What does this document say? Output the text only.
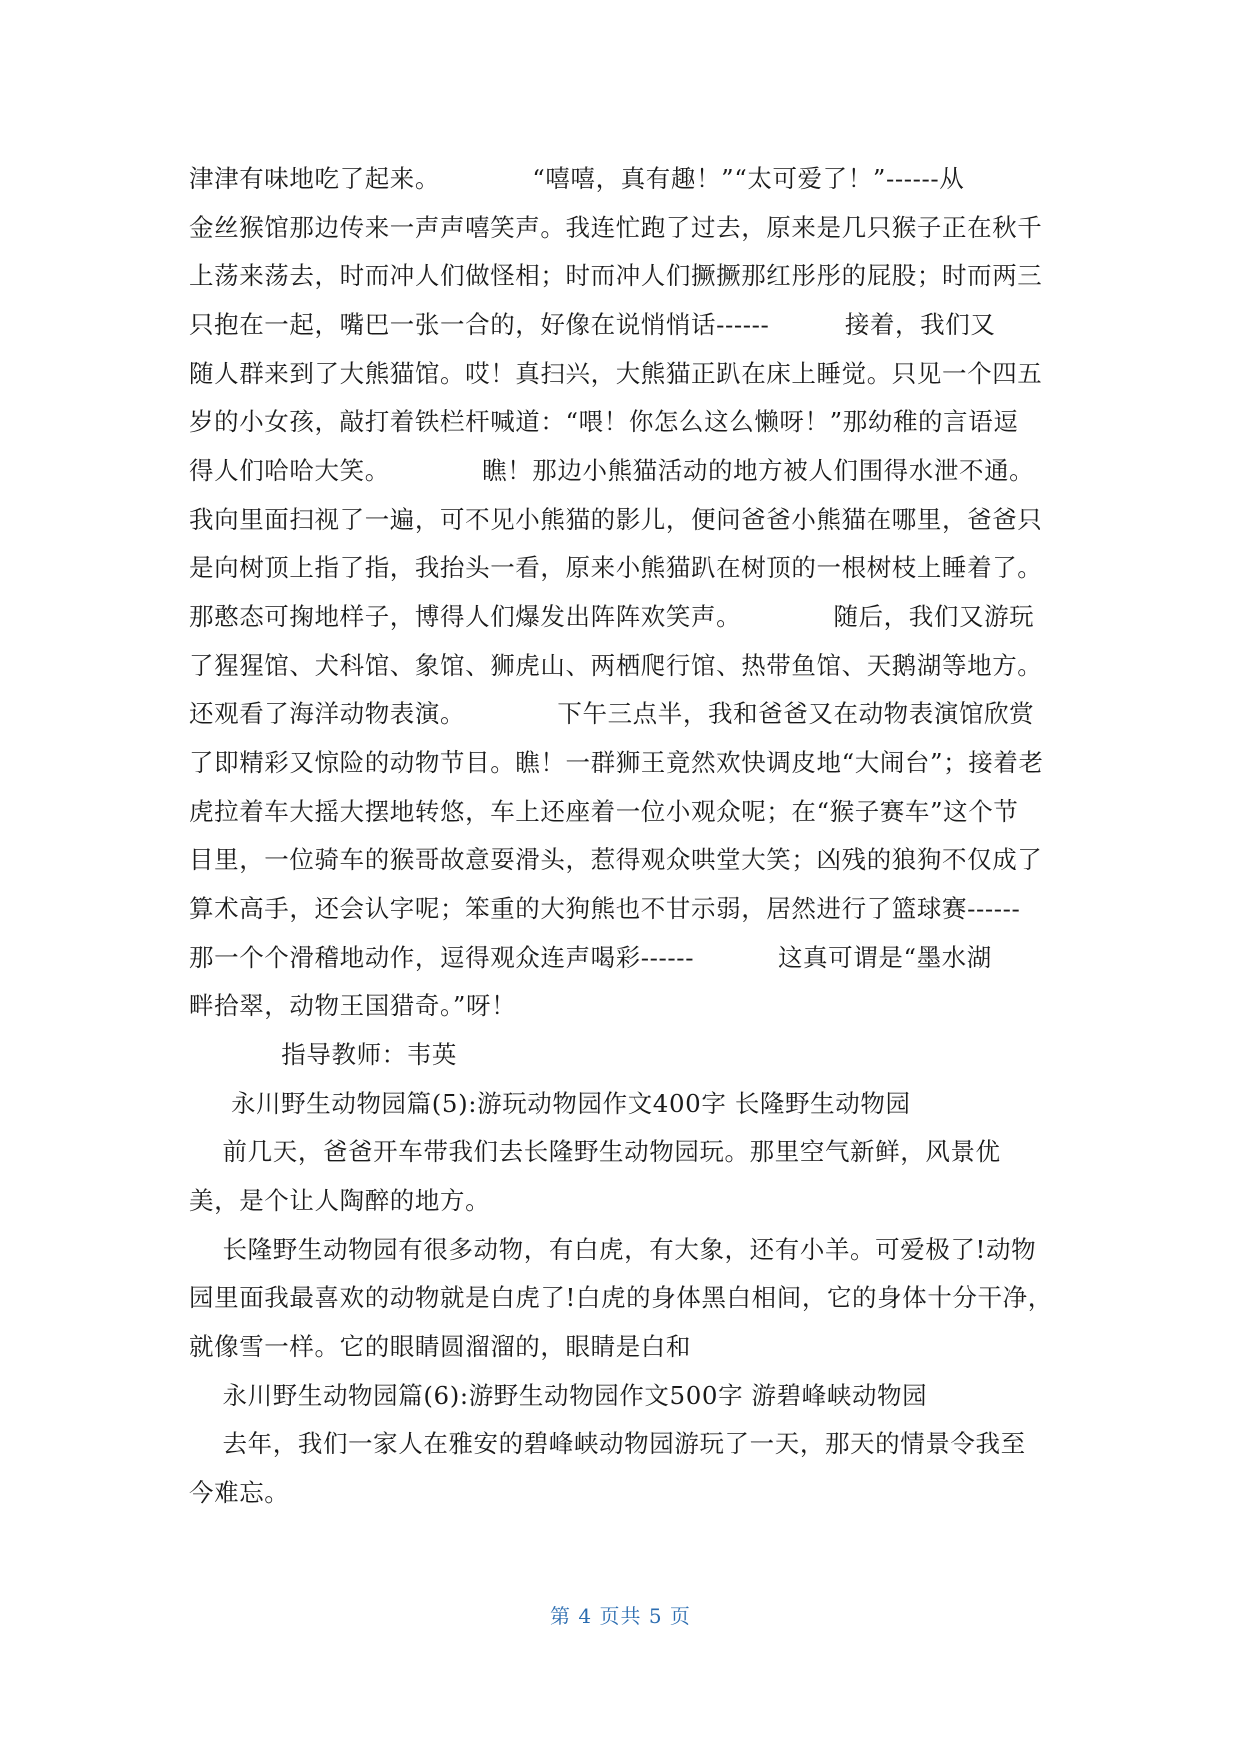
津津有味地吃了起来。           “嘻嘻，真有趣！”“太可爱了！”------从
金丝猴馆那边传来一声声嘻笑声。我连忙跑了过去，原来是几只猴子正在秋千
上荡来荡去，时而冲人们做怪相；时而冲人们撅撅那红彤彤的屁股；时而两三
只抱在一起，嘴巴一张一合的，好像在说悄悄话------         接着，我们又
随人群来到了大熊猫馆。哎！真扫兴，大熊猫正趴在床上睡觉。只见一个四五
岁的小女孩，敲打着铁栏杆喊道：“喂！你怎么这么懒呀！”那幼稚的言语逗
得人们哈哈大笑。           瞧！那边小熊猫活动的地方被人们围得水泄不通。
我向里面扫视了一遍，可不见小熊猫的影儿，便问爸爸小熊猫在哪里，爸爸只
是向树顶上指了指，我抬头一看，原来小熊猫趴在树顶的一根树枝上睡着了。
那憨态可掬地样子，博得人们爆发出阵阵欢笑声。           随后，我们又游玩
了猩猩馆、犬科馆、象馆、狮虎山、两栖爬行馆、热带鱼馆、天鹅湖等地方。
还观看了海洋动物表演。           下午三点半，我和爸爸又在动物表演馆欣赏
了即精彩又惊险的动物节目。瞧！一群狮王竟然欢快调皮地“大闹台”；接着老
虎拉着车大摇大摆地转悠，车上还座着一位小观众呢；在“猴子赛车”这个节
目里，一位骑车的猴哥故意耍滑头，惹得观众哄堂大笑；凶残的狼狗不仅成了
算术高手，还会认字呢；笨重的大狗熊也不甘示弱，居然进行了篮球赛------
那一个个滑稽地动作，逗得观众连声喝彩------          这真可谓是“墨水湖
畔拾翠，动物王国猎奇。”呀！
指导教师：韦英
永川野生动物园篇(5):游玩动物园作文400字 长隆野生动物园
前几天，爸爸开车带我们去长隆野生动物园玩。那里空气新鲜，风景优
美，是个让人陶醉的地方。
长隆野生动物园有很多动物，有白虎，有大象，还有小羊。可爱极了!动物
园里面我最喜欢的动物就是白虎了!白虎的身体黑白相间，它的身体十分干净，
就像雪一样。它的眼睛圆溜溜的，眼睛是白和
永川野生动物园篇(6):游野生动物园作文500字 游碧峰峡动物园
去年，我们一家人在雅安的碧峰峡动物园游玩了一天，那天的情景令我至
今难忘。
第 4 页共 5 页
